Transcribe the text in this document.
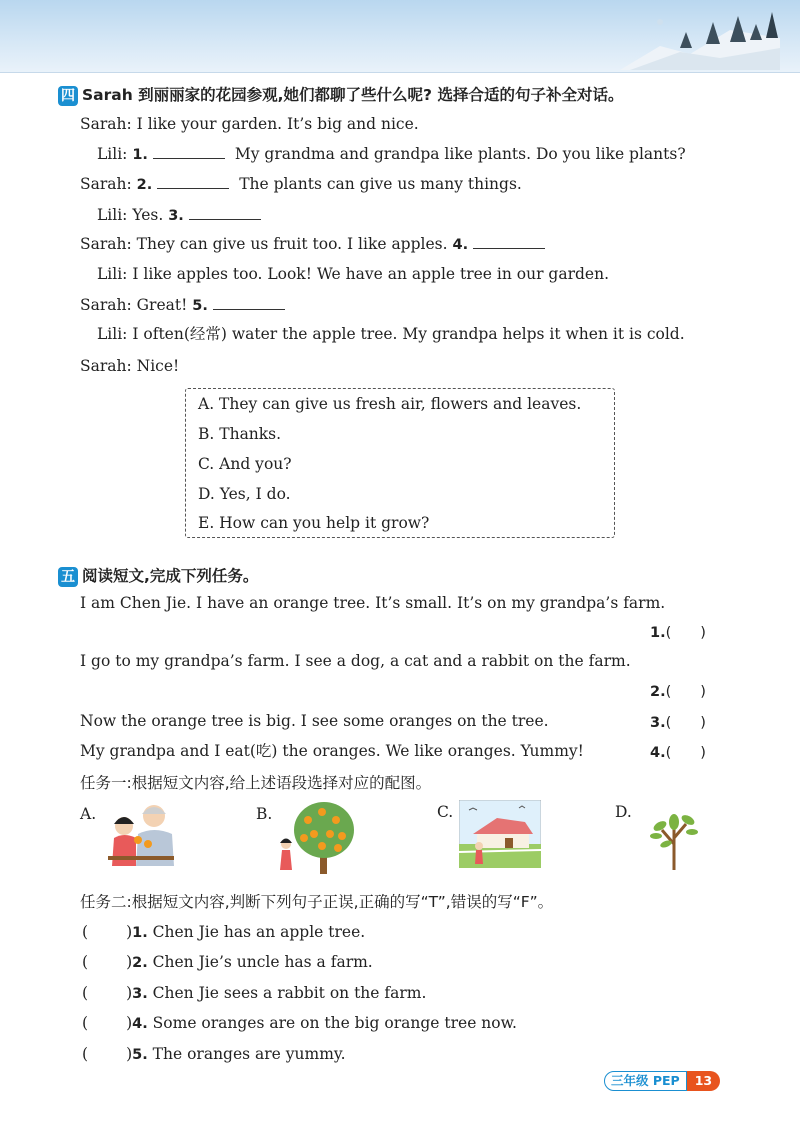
四 Sarah 到丽丽家的花园参观,她们都聊了些什么呢? 选择合适的句子补全对话。
Sarah: I like your garden. It’s big and nice.
Lili: 1.	My grandma and grandpa like plants. Do you like plants?
Sarah: 2.	The plants can give us many things.
Lili: Yes. 3.
Sarah: They can give us fruit too. I like apples. 4.
Lili: I like apples too. Look! We have an apple tree in our garden.
Sarah: Great! 5.
Lili: I often(经常) water the apple tree. My grandpa helps it when it is cold.
Sarah: Nice!
A. They can give us fresh air, flowers and leaves.
B. Thanks.
C. And you?
D. Yes, I do.
E. How can you help it grow?
五 阅读短文,完成下列任务。
I am Chen Jie. I have an orange tree. It’s small. It’s on my grandpa’s farm.
1.(　　)
I go to my grandpa’s farm. I see a dog, a cat and a rabbit on the farm.
2.(　　)
Now the orange tree is big. I see some oranges on the tree.	3.(　　)
My grandpa and I eat(吃) the oranges. We like oranges. Yummy!	4.(　　)
任务一:根据短文内容,给上述语段选择对应的配图。
A.	B.	C.	D.
任务二:根据短文内容,判断下列句子正误,正确的写“T”,错误的写“F”。
( )1. Chen Jie has an apple tree.
( )2. Chen Jie’s uncle has a farm.
( )3. Chen Jie sees a rabbit on the farm.
( )4. Some oranges are on the big orange tree now.
( )5. The oranges are yummy.
三年级 PEP	13
